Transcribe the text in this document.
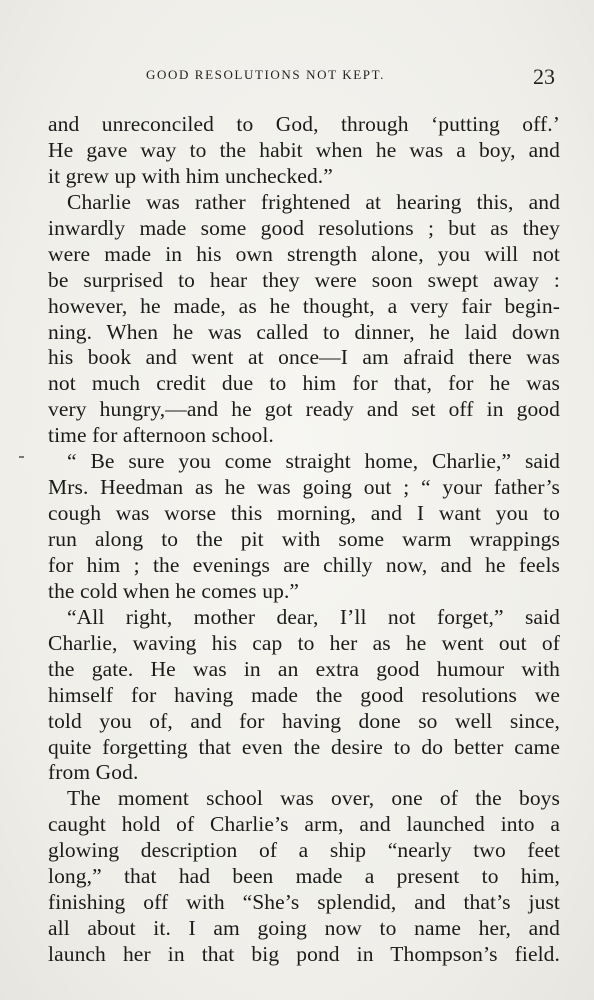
GOOD RESOLUTIONS NOT KEPT.	23
and unreconciled to God, through ‘putting off.’
He gave way to the habit when he was a boy, and
it grew up with him unchecked.”
Charlie was rather frightened at hearing this, and
inwardly made some good resolutions ; but as they
were made in his own strength alone, you will not
be surprised to hear they were soon swept away :
however, he made, as he thought, a very fair begin-
ning. When he was called to dinner, he laid down
his book and went at once—I am afraid there was
not much credit due to him for that, for he was
very hungry,—and he got ready and set off in good
time for afternoon school.
“ Be sure you come straight home, Charlie,” said
Mrs. Heedman as he was going out ; “ your father’s
cough was worse this morning, and I want you to
run along to the pit with some warm wrappings
for him ; the evenings are chilly now, and he feels
the cold when he comes up.”
“All right, mother dear, I’ll not forget,” said
Charlie, waving his cap to her as he went out of
the gate. He was in an extra good humour with
himself for having made the good resolutions we
told you of, and for having done so well since,
quite forgetting that even the desire to do better came
from God.
The moment school was over, one of the boys
caught hold of Charlie’s arm, and launched into a
glowing description of a ship “nearly two feet
long,” that had been made a present to him,
finishing off with “She’s splendid, and that’s just
all about it. I am going now to name her, and
launch her in that big pond in Thompson’s field.
